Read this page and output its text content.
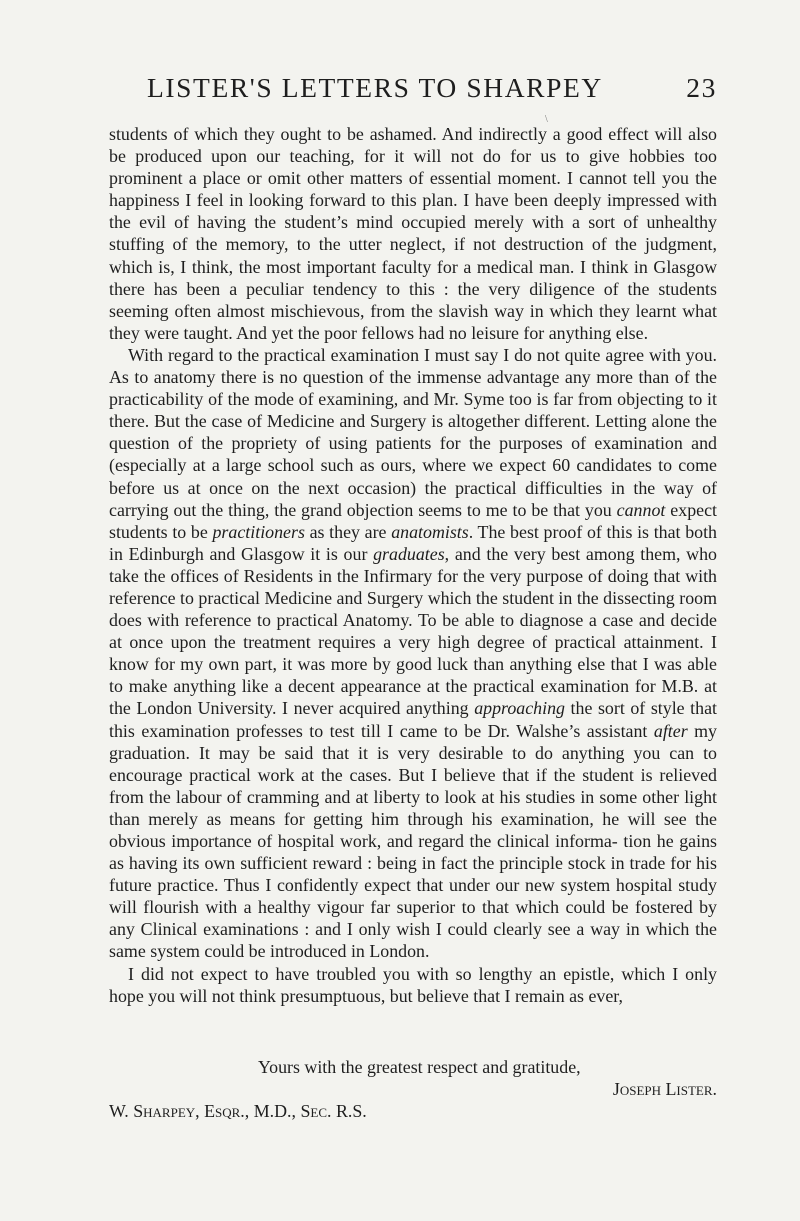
\
LISTER'S LETTERS TO SHARPEY	23

students of which they ought to be ashamed. And indirectly a good effect will also be produced upon our teaching, for it will not do for us to give hobbies too prominent a place or omit other matters of essential moment. I cannot tell you the happiness I feel in looking forward to this plan. I have been deeply impressed with the evil of having the student’s mind occupied merely with a sort of unhealthy stuffing of the memory, to the utter neglect, if not destruction of the judgment, which is, I think, the most important faculty for a medical man. I think in Glasgow there has been a peculiar tendency to this : the very diligence of the students seeming often almost mischievous, from the slavish way in which they learnt what they were taught. And yet the poor fellows had no leisure for anything else.

With regard to the practical examination I must say I do not quite agree with you. As to anatomy there is no question of the immense advantage any more than of the practicability of the mode of examining, and Mr. Syme too is far from objecting to it there. But the case of Medicine and Surgery is altogether different. Letting alone the question of the propriety of using patients for the purposes of examination and (especially at a large school such as ours, where we expect 60 candidates to come before us at once on the next occasion) the practical difficulties in the way of carrying out the thing, the grand objection seems to me to be that you cannot expect students to be practitioners as they are anatomists. The best proof of this is that both in Edinburgh and Glasgow it is our graduates, and the very best among them, who take the offices of Residents in the Infirmary for the very purpose of doing that with reference to practical Medicine and Surgery which the student in the dissecting room does with reference to practical Anatomy. To be able to diagnose a case and decide at once upon the treatment requires a very high degree of practical attainment. I know for my own part, it was more by good luck than anything else that I was able to make anything like a decent appearance at the practical examination for M.B. at the London University. I never acquired anything approaching the sort of style that this examination professes to test till I came to be Dr. Walshe’s assistant after my graduation. It may be said that it is very desirable to do anything you can to encourage practical work at the cases. But I believe that if the student is relieved from the labour of cramming and at liberty to look at his studies in some other light than merely as means for getting him through his examination, he will see the obvious importance of hospital work, and regard the clinical informa- tion he gains as having its own sufficient reward : being in fact the principle stock in trade for his future practice. Thus I confidently expect that under our new system hospital study will flourish with a healthy vigour far superior to that which could be fostered by any Clinical examinations : and I only wish I could clearly see a way in which the same system could be introduced in London.

I did not expect to have troubled you with so lengthy an epistle, which I only hope you will not think presumptuous, but believe that I remain as ever,

Yours with the greatest respect and gratitude,
Joseph Lister.
W. Sharpey, Esqr., M.D., Sec. R.S.
